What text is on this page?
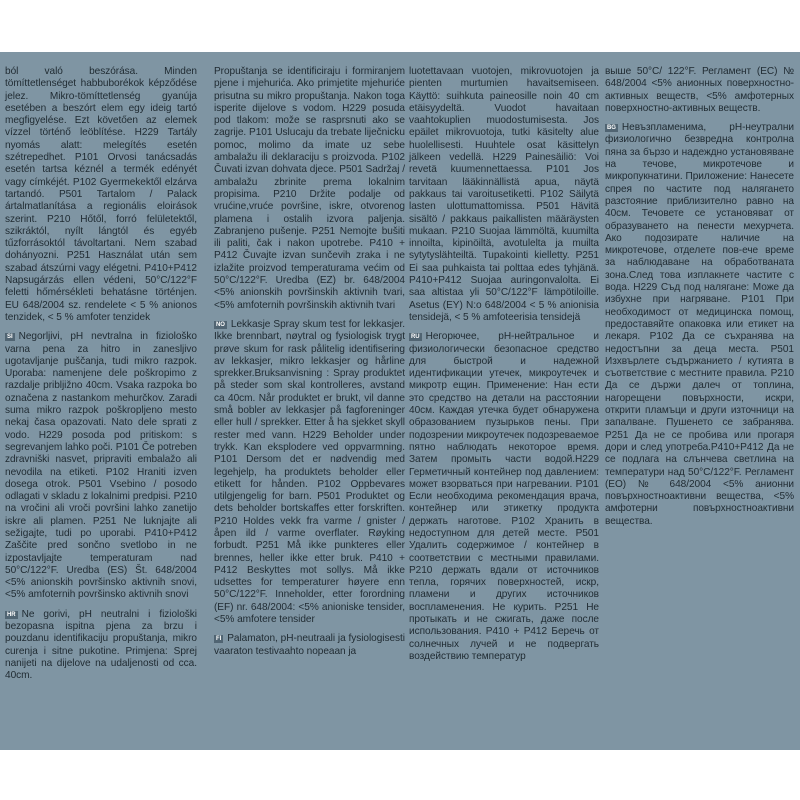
ból való beszórása. Minden tömíttetlenséget habbuborékok képződése jelez. Mikro-tömíttetlenség gyanúja esetében a beszórt elem egy ideig tartó megfigyelése. Ezt követően az elemek vízzel történő leöblítése. H229 Tartály nyomás alatt: melegítés esetén szétrepedhet. P101 Orvosi tanácsadás esetén tartsa kéznél a termék edényét vagy címkéjét. P102 Gyermekektől elzárva tartandó. P501 Tartalom / Palack ártalmatlanítása a regionális eloirások szerint. P210 Hőtől, forró felületektől, szikráktól, nyílt lángtól és egyéb tűzforrásoktól távoltartani. Nem szabad dohányozni. P251 Használat után sem szabad átszúrni vagy elégetni. P410+P412 Napsugárzás ellen védeni, 50°C/122°F feletti hőmérsékleti behatásne történjen. EU 648/2004 sz. rendelete < 5 % anionos tenzidek, < 5 % amfoter tenzidek

SI Negorljivi, pH nevtralna in fiziološko varna pena za hitro in zanesljivo ugotavljanje puščanja, tudi mikro razpok. Uporaba: namenjene dele poškropimo z razdalje pribljižno 40cm. Vsaka razpoka bo označena z nastankom mehurčkov. Zaradi suma mikro razpok poškropljeno mesto nekaj časa opazovati. Nato dele sprati z vodo. H229 posoda pod pritiskom: s segrevanjem lahko poči. P101 Če potreben zdravniški nasvet, pripraviti embalažo ali nevodila na etiketi. P102 Hraniti izven dosega otrok. P501 Vsebino / posodo odlagati v skladu z lokalnimi predpisi. P210 na vročini ali vroči površini lahko zanetijo iskre ali plamen. P251 Ne luknjajte ali sežigajte, tudi po uporabi. P410+P412 Zaščite pred sončno svetlobo in ne izpostavljajte temperaturam nad 50°C/122°F. Uredba (ES) Št. 648/2004 <5% anionskih površinsko aktivnih snovi, <5% amfoternih površinsko aktivnih snovi

HR Ne gorivi, pH neutralni i fiziološki bezopasna ispitna pjena za brzu i pouzdanu identifikaciju propuštanja, mikro curenja i sitne pukotine. Primjena: Sprej nanijeti na dijelove na udaljenosti od cca. 40cm.

Propuštanja se identificiraju i formiranjem pjene i mjehurića. Ako primjetite mjehuriće prisutna su mikro propuštanja. Nakon toga isperite dijelove s vodom. H229 posuda pod tlakom: može se rasprsnuti ako se zagrije. P101 Uslucaju da trebate liječnicku pomoc, molimo da imate uz sebe ambalažu ili deklaraciju s proizvoda. P102 Čuvati izvan dohvata djece. P501 Sadržaj / ambalažu zbrinite prema lokalnim propisima. P210 Držite podalje od vrućine,vruće površine, iskre, otvorenog plamena i ostalih izvora paljenja. Zabranjeno pušenje. P251 Nemojte bušiti ili paliti, čak i nakon upotrebe. P410 + P412 Čuvajte izvan sunčevih zraka i ne izlažite proizvod temperaturama većim od 50°C/122°F. Uredba (EZ) br. 648/2004 <5% anionskih površinskih aktivnih tvari, <5% amfoternih površinskih aktivnih tvari

NO Lekkasje Spray skum test for lekkasjer. Ikke brennbart, nøytral og fysiologisk trygt prøve skum for rask pålitelig identifisering av lekkasjer, mikro lekkasjer og hårline sprekker.Bruksanvisning : Spray produktet på steder som skal kontrolleres, avstand ca 40cm. Når produktet er brukt, vil danne små bobler av lekkasjer på fagforeninger eller hull / sprekker. Etter å ha sjekket skyll rester med vann. H229 Beholder under trykk. Kan eksplodere ved oppvarmning. P101 Dersom det er nødvendig med legehjelp, ha produktets beholder eller etikett for hånden. P102 Oppbevares utilgjengelig for barn. P501 Produktet og dets beholder bortskaffes etter forskriften. P210 Holdes vekk fra varme / gnister / åpen ild / varme overflater. Røyking forbudt. P251 Må ikke punkteres eller brennes, heller ikke etter bruk. P410 + P412 Beskyttes mot sollys. Må ikke udsettes for temperaturer høyere enn 50°C/122°F. Inneholder, etter forordning (EF) nr. 648/2004: <5% anioniske tensider, <5% amfotere tensider

FI Palamaton, pH-neutraali ja fysiologisesti vaaraton testivaahto nopeaan ja

luotettavaan vuotojen, mikrovuotojen ja pienten murtumien havaitsemiseen. Käyttö: suihkuta paineosille noin 40 cm etäisyydeltä. Vuodot havaitaan vaahtokuplien muodostumisesta. Jos epäilet mikrovuotoja, tutki käsitelty alue huolellisesti. Huuhtele osat käsittelyn jälkeen vedellä. H229 Painesäiliö: Voi revetä kuumennettaessa. P101 Jos tarvitaan lääkinnällistä apua, näytä pakkaus tai varoitusetiketti. P102 Säilytä lasten ulottumattomissa. P501 Hävitä sisältö / pakkaus paikallisten määräysten mukaan. P210 Suojaa lämmöltä, kuumilta innoilta, kipinöiltä, avotulelta ja muilta sytytyslähteiltä. Tupakointi kielletty. P251 Ei saa puhkaista tai polttaa edes tyhjänä. P410+P412 Suojaa auringonvalolta. Ei saa altistaa yli 50°C/122°F lämpötiloille. Asetus (EY) N:o 648/2004 < 5 % anionisia tensidejä, < 5 % amfoteerisia tensidejä

RU Негорючее, pH-нейтральное и физиологически безопасное средство для быстрой и надежной идентификации утечек, микроутечек и микротр ещин. Применение: Нан ести это средство на детали на расстоянии 40см. Каждая утечка будет обнаружена образованием пузырьков пены. При подозрении микроутечек подозреваемое пятно наблюдать некоторое время. Затем промыть части водой.H229 Герметичный контейнер под давлением: может взорваться при нагревании. P101 Если необходима рекомендация врача, контейнер или этикетку продукта держать наготове. P102 Хранить в недоступном для детей месте. P501 Удалить содержимое / контейнер в соответствии с местными правилами. P210 держать вдали от источников тепла, горячих поверхностей, искр, пламени и других источников воспламенения. Не курить. P251 Не протыкать и не сжигать, даже после использования. P410 + P412 Беречь от солнечных лучей и не подвергать воздействию температур

выше 50°C/ 122°F. Регламент (ЕС) № 648/2004 <5% анионных поверхностно-активных веществ, <5% амфотерных поверхностно-активных веществ.

BG Невъзпламенима, pH-неутрални физиологично безвредна контролна пяна за бързо и надеждно установяване на течове, микротечове и микропукнатини. Приложение: Нанесете спрея по частите под налягането разстояние приблизително равно на 40см. Течовете се установяват от образуването на пенести мехурчета. Ако подозирате наличие на микротечове, отделете пов-ече време за наблюдаване на обработваната зона.След това изплакнете частите с вода. H229 Съд под налягане: Може да избухне при нагряване. P101 При необходимост от медицинска помощ, предоставяйте опаковка или етикет на лекаря. P102 Да се съхранява на недостъпни за деца места. P501 Изхвърлете съдържанието / кутията в съответствие с местните правила. P210 Да се държи далеч от топлина, нагорещени повърхности, искри, открити пламъци и други източници на запалване. Пушенето се забранява. P251 Да не се пробива или прогаря дори и след употреба.P410+P412 Да не се подлага на слънчева светлина на температури над 50°C/122°F. Регламент (ЕО) № 648/2004 <5% анионни повърхностноактивни вещества, <5% амфотерни повърхностноактивни вещества.
